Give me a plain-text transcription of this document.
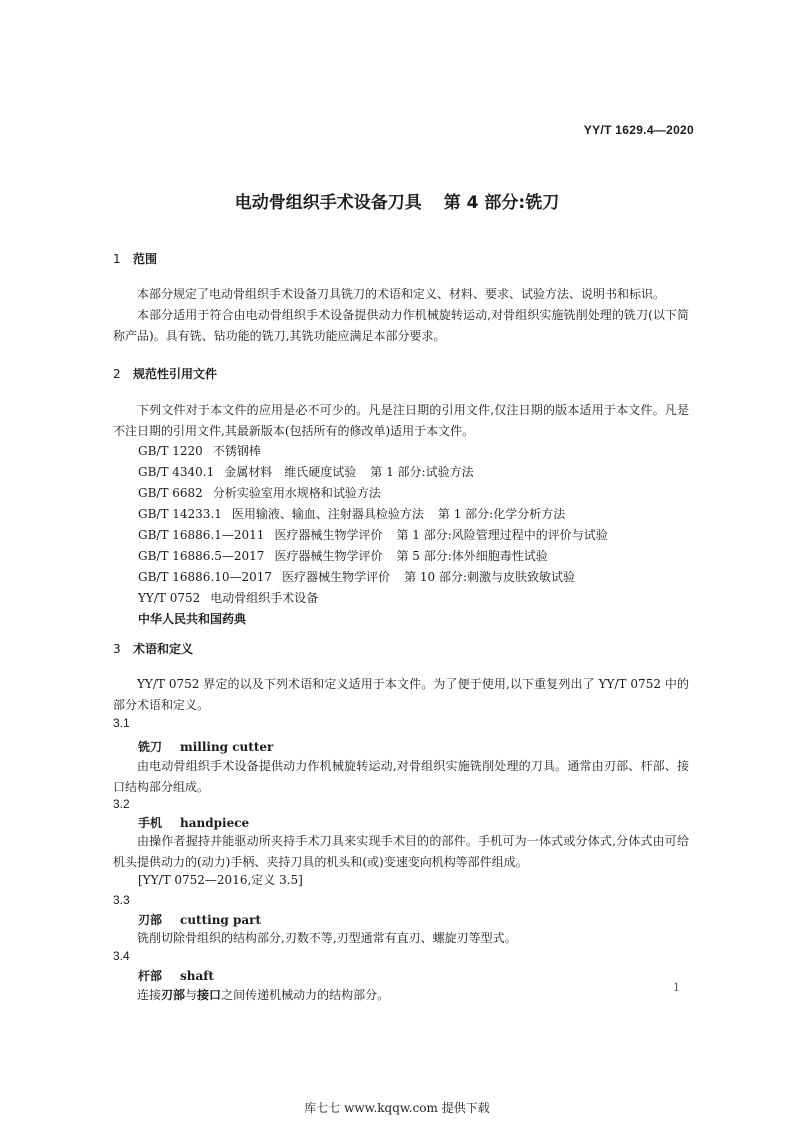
YY/T 1629.4—2020
电动骨组织手术设备刀具 第 4 部分:铣刀
1 范围
本部分规定了电动骨组织手术设备刀具铣刀的术语和定义、材料、要求、试验方法、说明书和标识。
本部分适用于符合由电动骨组织手术设备提供动力作机械旋转运动,对骨组织实施铣削处理的铣刀(以下简称产品)。具有铣、钻功能的铣刀,其铣功能应满足本部分要求。
2 规范性引用文件
下列文件对于本文件的应用是必不可少的。凡是注日期的引用文件,仅注日期的版本适用于本文件。凡是不注日期的引用文件,其最新版本(包括所有的修改单)适用于本文件。
GB/T 1220 不锈钢棒
GB/T 4340.1 金属材料　维氏硬度试验 第 1 部分:试验方法
GB/T 6682 分析实验室用水规格和试验方法
GB/T 14233.1 医用输液、输血、注射器具检验方法 第 1 部分:化学分析方法
GB/T 16886.1—2011 医疗器械生物学评价 第 1 部分:风险管理过程中的评价与试验
GB/T 16886.5—2017 医疗器械生物学评价 第 5 部分:体外细胞毒性试验
GB/T 16886.10—2017 医疗器械生物学评价 第 10 部分:刺激与皮肤致敏试验
YY/T 0752 电动骨组织手术设备
中华人民共和国药典
3 术语和定义
YY/T 0752 界定的以及下列术语和定义适用于本文件。为了便于使用,以下重复列出了 YY/T 0752 中的部分术语和定义。
3.1
铣刀 milling cutter
由电动骨组织手术设备提供动力作机械旋转运动,对骨组织实施铣削处理的刀具。通常由刃部、杆部、接口结构部分组成。
3.2
手机 handpiece
由操作者握持并能驱动所夹持手术刀具来实现手术目的的部件。手机可为一体式或分体式,分体式由可给机头提供动力的(动力)手柄、夹持刀具的机头和(或)变速变向机构等部件组成。
[YY/T 0752—2016,定义 3.5]
3.3
刃部 cutting part
铣削切除骨组织的结构部分,刃数不等,刃型通常有直刃、螺旋刃等型式。
3.4
杆部 shaft
连接刃部与接口之间传递机械动力的结构部分。
1
库七七 www.kqqw.com 提供下载
